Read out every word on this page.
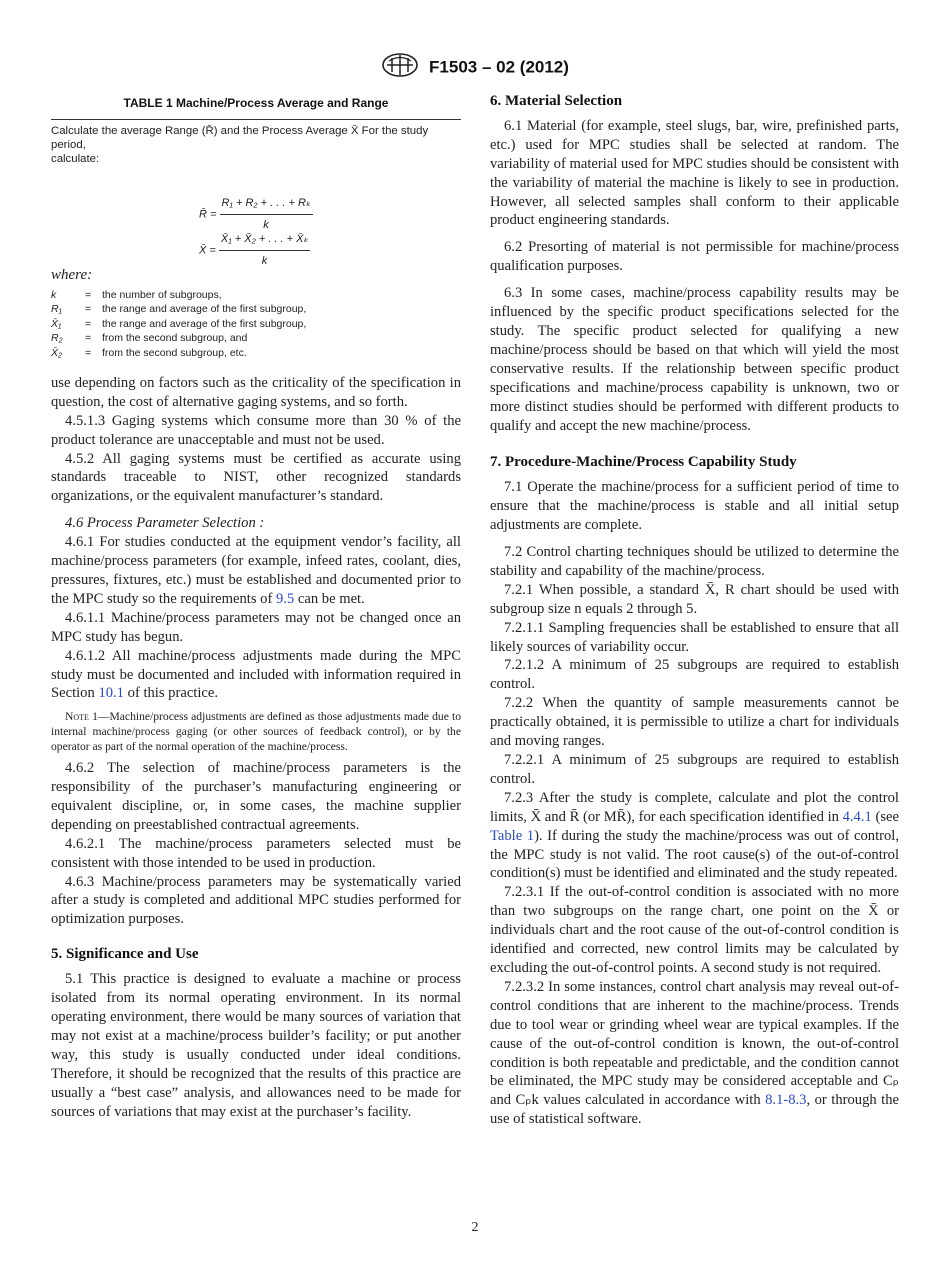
F1503 – 02 (2012)
TABLE 1 Machine/Process Average and Range

Calculate the average Range (R̄) and the Process Average X̄ For the study period,
calculate:

R̄ = $\frac{\text{R₁ + R₂ + . . . + Rₖ}}{k}$
X̄ = $\frac{\text{X̄₁ + X̄₂ + . . . + X̄ₖ}}{k}$
where:
k	=	the number of subgroups,
R₁	=	the range and average of the first subgroup,
X̄₁	=	the range and average of the first subgroup,
R₂	=	from the second subgroup, and
X̄₂	=	from the second subgroup, etc.

use depending on factors such as the criticality of the specification in question, the cost of alternative gaging systems, and so forth.

4.5.1.3 Gaging systems which consume more than 30 % of the product tolerance are unacceptable and must not be used.

4.5.2 All gaging systems must be certified as accurate using standards traceable to NIST, other recognized standards organizations, or the equivalent manufacturer’s standard.

4.6 Process Parameter Selection :

4.6.1 For studies conducted at the equipment vendor’s facility, all machine/process parameters (for example, infeed rates, coolant, dies, pressures, fixtures, etc.) must be established and documented prior to the MPC study so the requirements of 9.5 can be met.

4.6.1.1 Machine/process parameters may not be changed once an MPC study has begun.

4.6.1.2 All machine/process adjustments made during the MPC study must be documented and included with information required in Section 10.1 of this practice.

Note 1—Machine/process adjustments are defined as those adjustments made due to internal machine/process gaging (or other sources of feedback control), or by the operator as part of the normal operation of the machine/process.

4.6.2 The selection of machine/process parameters is the responsibility of the purchaser’s manufacturing engineering or equivalent discipline, or, in some cases, the machine supplier depending on preestablished contractual agreements.

4.6.2.1 The machine/process parameters selected must be consistent with those intended to be used in production.

4.6.3 Machine/process parameters may be systematically varied after a study is completed and additional MPC studies performed for optimization purposes.

5. Significance and Use

5.1 This practice is designed to evaluate a machine or process isolated from its normal operating environment. In its normal operating environment, there would be many sources of variation that may not exist at a machine/process builder’s facility; or put another way, this study is usually conducted under ideal conditions. Therefore, it should be recognized that the results of this practice are usually a “best case” analysis, and allowances need to be made for sources of variations that may exist at the purchaser’s facility.

6. Material Selection

6.1 Material (for example, steel slugs, bar, wire, prefinished parts, etc.) used for MPC studies shall be selected at random. The variability of material used for MPC studies should be consistent with the variability of material the machine is likely to see in production. However, all selected samples shall conform to their applicable product engineering standards.

6.2 Presorting of material is not permissible for machine/process qualification purposes.

6.3 In some cases, machine/process capability results may be influenced by the specific product specifications selected for the study. The specific product selected for qualifying a new machine/process should be based on that which will yield the most conservative results. If the relationship between specific product specifications and machine/process capability is unknown, two or more distinct studies should be performed with different products to qualify and accept the new machine/process.

7. Procedure-Machine/Process Capability Study

7.1 Operate the machine/process for a sufficient period of time to ensure that the machine/process is stable and all initial setup adjustments are complete.

7.2 Control charting techniques should be utilized to determine the stability and capability of the machine/process.

7.2.1 When possible, a standard X̄, R chart should be used with subgroup size n equals 2 through 5.

7.2.1.1 Sampling frequencies shall be established to ensure that all likely sources of variability occur.

7.2.1.2 A minimum of 25 subgroups are required to establish control.

7.2.2 When the quantity of sample measurements cannot be practically obtained, it is permissible to utilize a chart for individuals and moving ranges.

7.2.2.1 A minimum of 25 subgroups are required to establish control.

7.2.3 After the study is complete, calculate and plot the control limits, X̄ and R̄ (or MR̄), for each specification identified in 4.4.1 (see Table 1). If during the study the machine/process was out of control, the MPC study is not valid. The root cause(s) of the out-of-control condition(s) must be identified and eliminated and the study repeated.

7.2.3.1 If the out-of-control condition is associated with no more than two subgroups on the range chart, one point on the X̄ or individuals chart and the root cause of the out-of-control condition is identified and corrected, new control limits may be calculated by excluding the out-of-control points. A second study is not required.

7.2.3.2 In some instances, control chart analysis may reveal out-of-control conditions that are inherent to the machine/process. Trends due to tool wear or grinding wheel wear are typical examples. If the cause of the out-of-control condition is known, the out-of-control condition is both repeatable and predictable, and the condition cannot be eliminated, the MPC study may be considered acceptable and Cₚ and Cₚk values calculated in accordance with 8.1-8.3, or through the use of statistical software.

2
